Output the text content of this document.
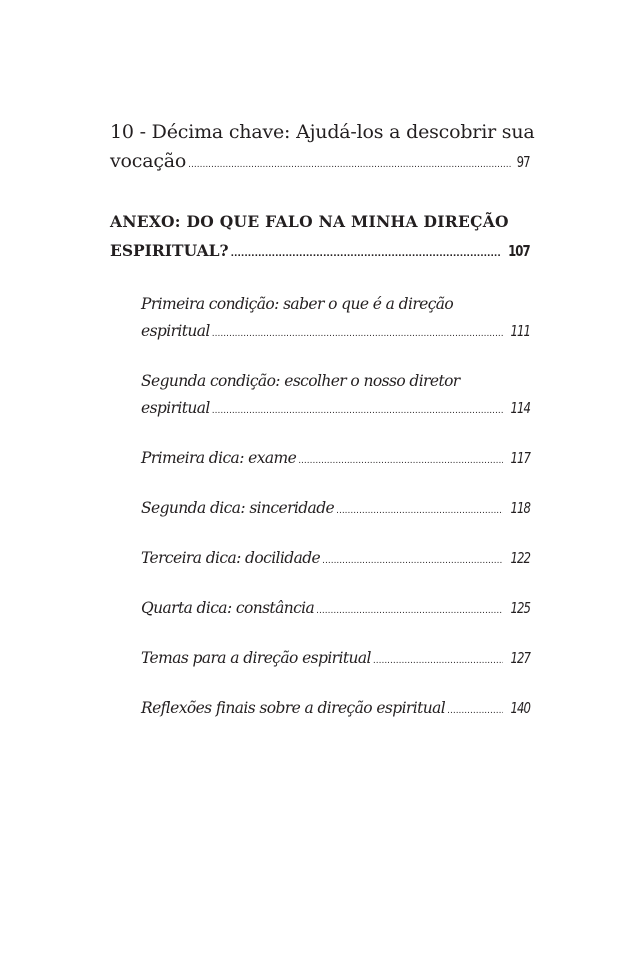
10 - Décima chave: Ajudá-los a descobrir sua
vocação .....	97
ANEXO: DO QUE FALO NA MINHA DIREÇÃO
ESPIRITUAL? .....	107
Primeira condição: saber o que é a direção
espiritual .....	111
Segunda condição: escolher o nosso diretor
espiritual .....	114
Primeira dica: exame .....	117
Segunda dica: sinceridade .....	118
Terceira dica: docilidade .....	122
Quarta dica: constância .....	125
Temas para a direção espiritual .....	127
Reflexões finais sobre a direção espiritual .....	140
